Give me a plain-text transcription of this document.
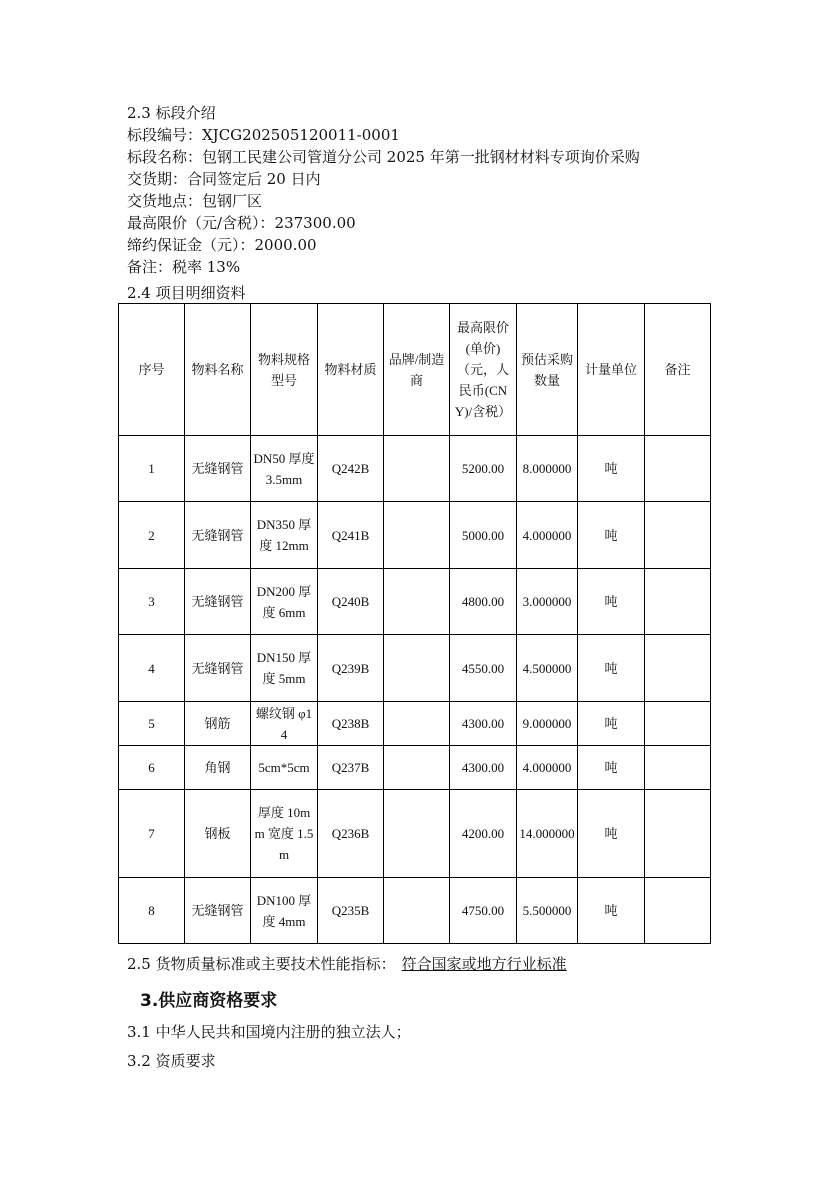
2.3 标段介绍
标段编号：XJCG202505120011-0001
标段名称：包钢工民建公司管道分公司 2025 年第一批钢材材料专项询价采购
交货期：合同签定后 20 日内
交货地点：包钢厂区
最高限价（元/含税）：237300.00
缔约保证金（元）：2000.00
备注：税率 13%
2.4 项目明细资料
序号	物料名称	物料规格型号	物料材质	品牌/制造商	最高限价(单价)（元，人民币(CNY)/含税）	预估采购数量	计量单位	备注
1	无缝钢管	DN50 厚度 3.5mm	Q242B		5200.00	8.000000	吨	
2	无缝钢管	DN350 厚度 12mm	Q241B		5000.00	4.000000	吨	
3	无缝钢管	DN200 厚度 6mm	Q240B		4800.00	3.000000	吨	
4	无缝钢管	DN150 厚度 5mm	Q239B		4550.00	4.500000	吨	
5	钢筋	螺纹钢 φ14	Q238B		4300.00	9.000000	吨	
6	角钢	5cm*5cm	Q237B		4300.00	4.000000	吨	
7	钢板	厚度 10mm 宽度 1.5m	Q236B		4200.00	14.000000	吨	
8	无缝钢管	DN100 厚度 4mm	Q235B		4750.00	5.500000	吨	
2.5 货物质量标准或主要技术性能指标： 符合国家或地方行业标准
3.供应商资格要求
3.1 中华人民共和国境内注册的独立法人；
3.2 资质要求
